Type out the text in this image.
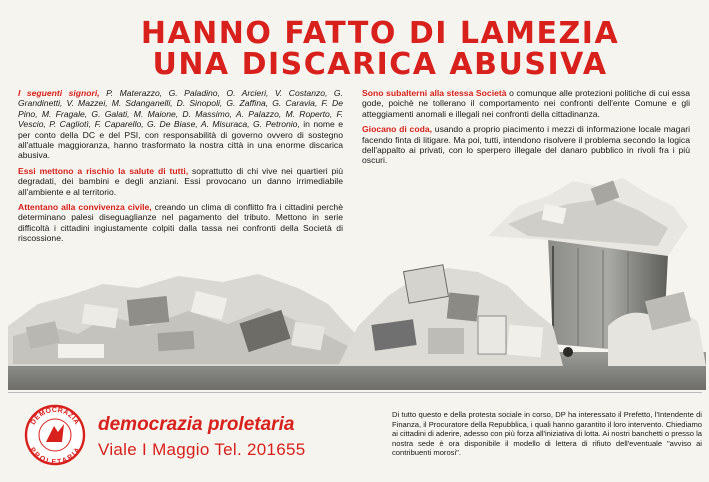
HANNO FATTO DI LAMEZIA
UNA DISCARICA ABUSIVA

I seguenti signori, P. Materazzo, G. Paladino, O. Arcieri, V. Costanzo, G. Grandinetti, V. Mazzei, M. Sdanganelli, D. Sinopoli, G. Zaffina, G. Caravia, F. De Pino, M. Fragale, G. Galati, M. Maione, D. Massimo, A. Palazzo, M. Roperto, F. Vescio, P. Cagliotì, F. Caparello, G. De Biase, A. Misuraca, G. Petronio, in nome e per conto della DC e del PSI, con responsabilità di governo ovvero di sostegno all'attuale maggioranza, hanno trasformato la nostra città in una enorme discarica abusiva.

Essi mettono a rischio la salute di tutti, soprattutto di chi vive nei quartieri più degradati, dei bambini e degli anziani. Essi provocano un danno irrimediabile all'ambiente e al territorio.

Attentano alla convivenza civile, creando un clima di conflitto fra i cittadini perchè determinano palesi diseguaglianze nel pagamento del tributo. Mettono in serie difficoltà i cittadini ingiustamente colpiti dalla tassa nei confronti della Società di riscossione.

Sono subalterni alla stessa Società o comunque alle protezioni politiche di cui essa gode, poichè ne tollerano il comportamento nei confronti dell'ente Comune e gli atteggiamenti anomali e illegali nei confronti della cittadinanza.

Giocano di coda, usando a proprio piacimento i mezzi di informazione locale magari facendo finta di litigare. Ma poi, tutti, intendono risolvere il problema secondo la logica dell'appalto ai privati, con lo sperpero illegale del danaro pubblico in rivoli fra i più oscuri.

DEMOCRAZIA
PROLETARIA

democrazia proletaria

Viale I Maggio Tel. 201655

Di tutto questo e della protesta sociale in corso, DP ha interessato il Prefetto, l'Intendente di Finanza, il Procuratore della Repubblica, i quali hanno garantito il loro intervento. Chiediamo ai cittadini di aderire, adesso con più forza all'iniziativa di lotta. Ai nostri banchetti o presso la nostra sede è ora disponibile il modello di lettera di rifiuto dell'eventuale "avviso ai contribuenti morosi".
